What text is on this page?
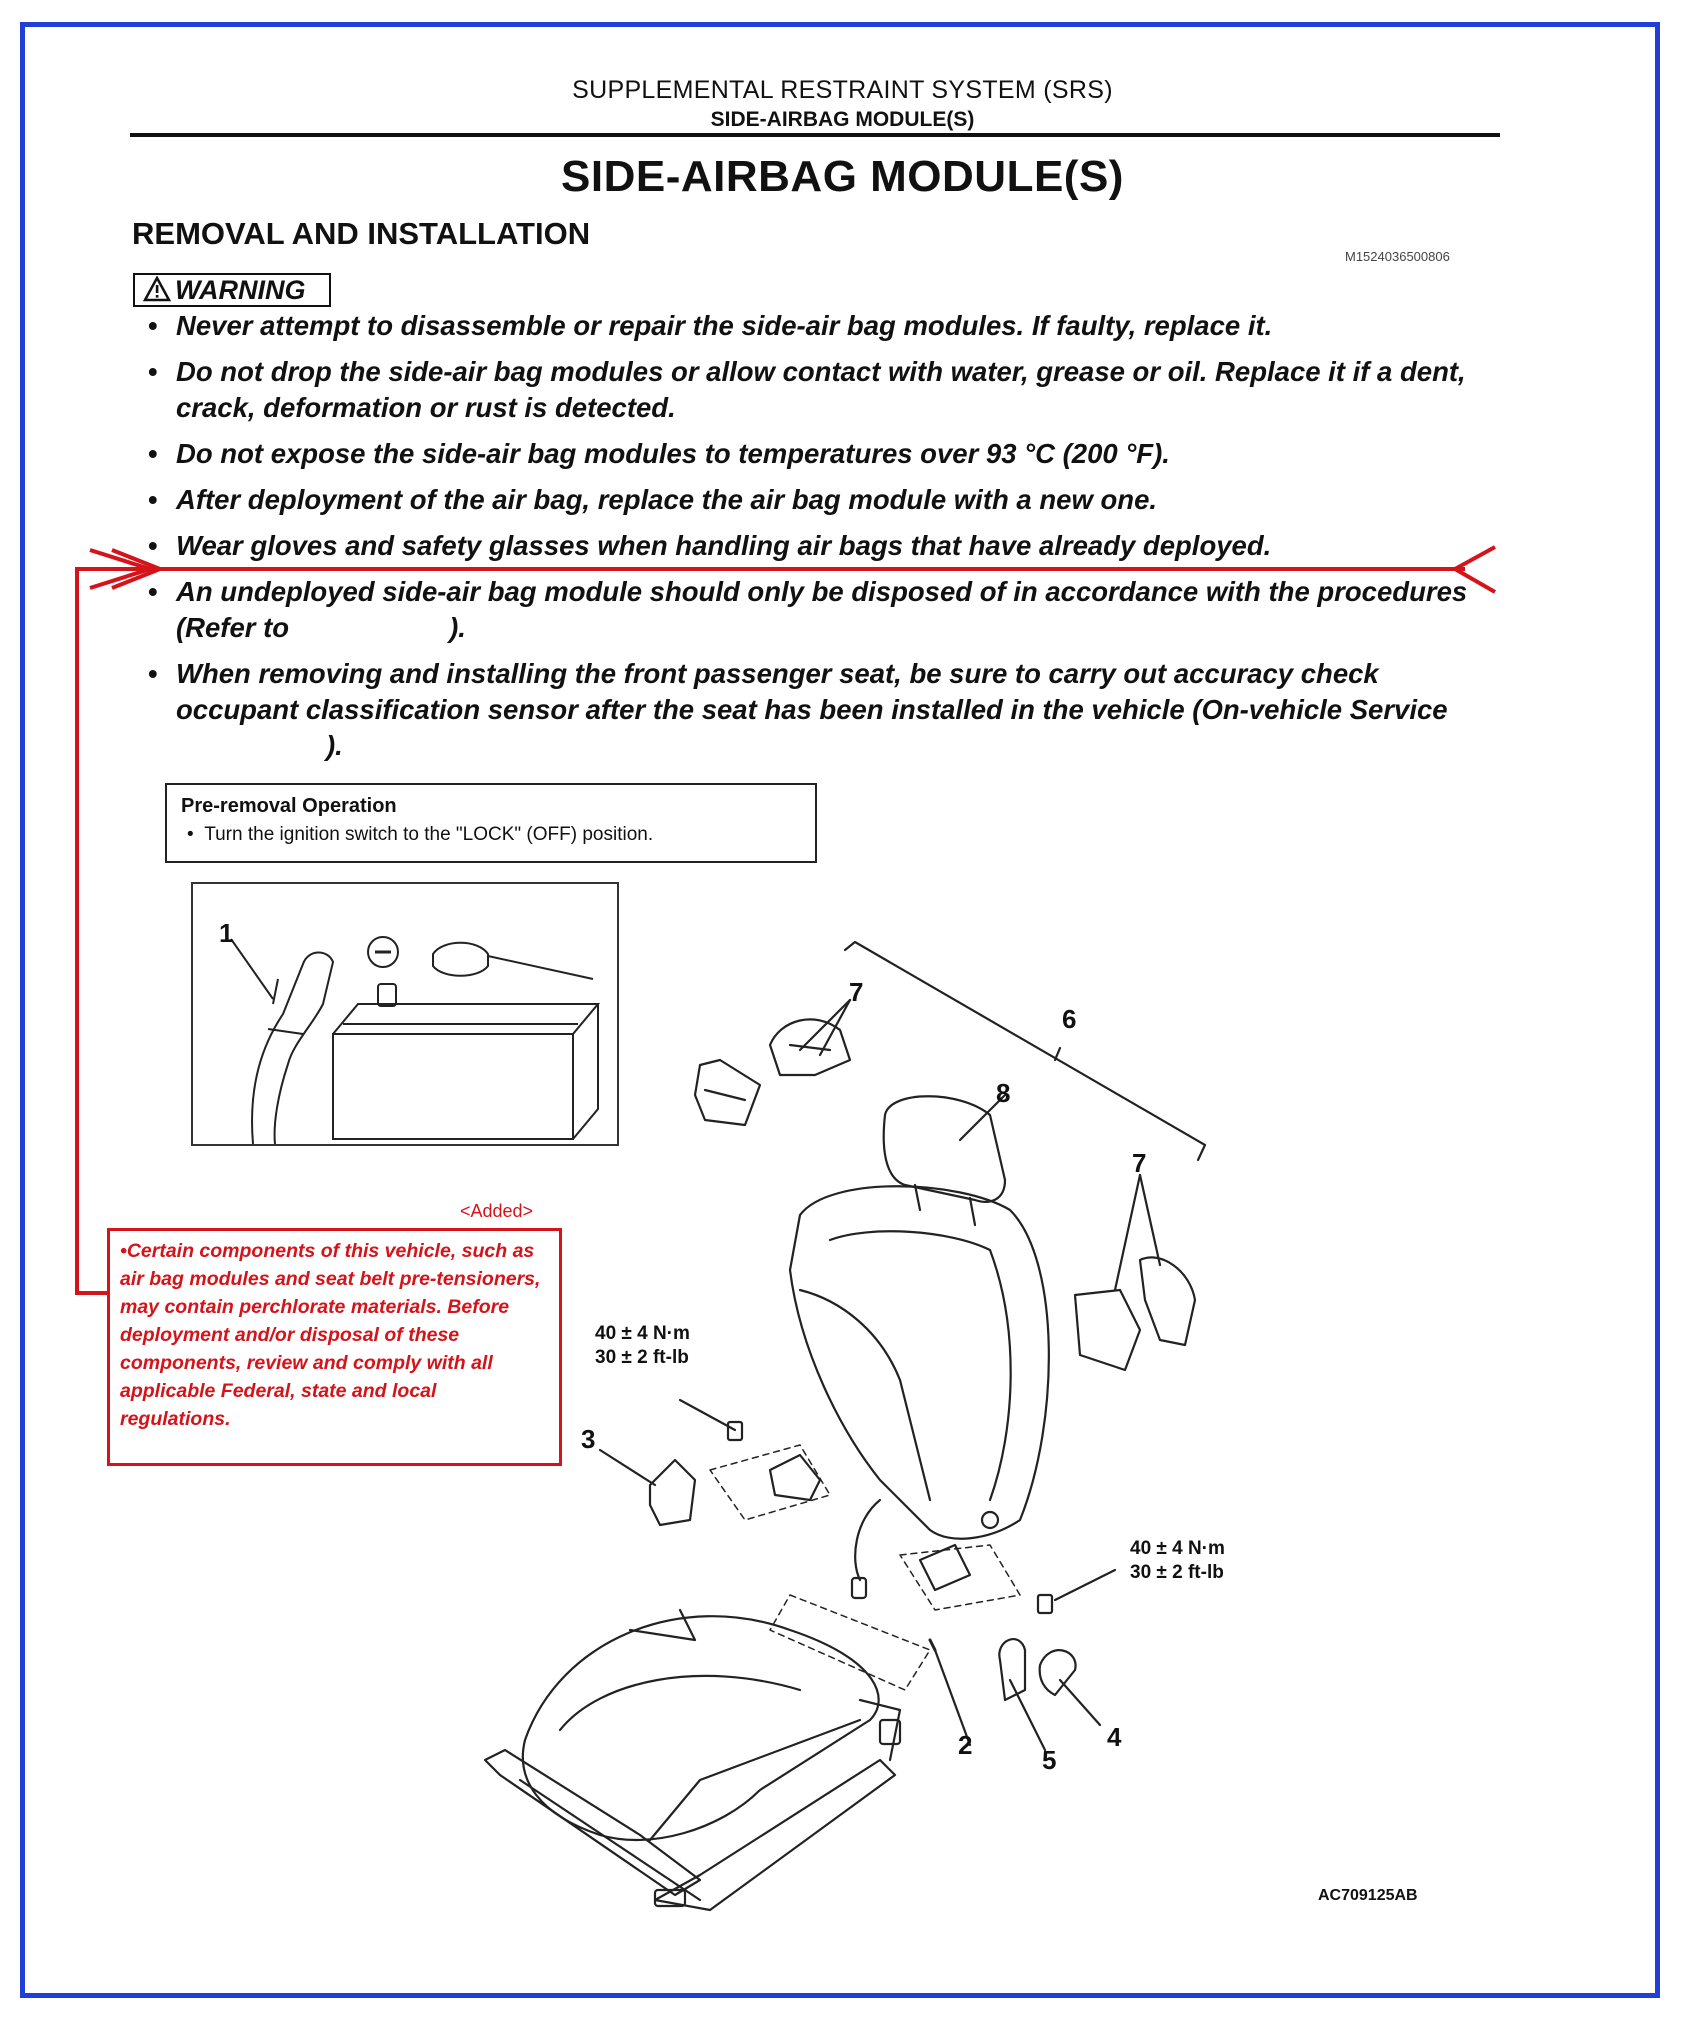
SUPPLEMENTAL RESTRAINT SYSTEM (SRS)
SIDE-AIRBAG MODULE(S)
SIDE-AIRBAG MODULE(S)
REMOVAL AND INSTALLATION
M1524036500806
WARNING
• Never attempt to disassemble or repair the side-air bag modules. If faulty, replace it.
• Do not drop the side-air bag modules or allow contact with water, grease or oil. Replace it if a dent, crack, deformation or rust is detected.
• Do not expose the side-air bag modules to temperatures over 93 °C (200 °F).
• After deployment of the air bag, replace the air bag module with a new one.
• Wear gloves and safety glasses when handling air bags that have already deployed.
• An undeployed side-air bag module should only be disposed of in accordance with the procedures (Refer to	).
• When removing and installing the front passenger seat, be sure to carry out accuracy check occupant classification sensor after the seat has been installed in the vehicle (On-vehicle Service).
Pre-removal Operation
•  Turn the ignition switch to the "LOCK" (OFF) position.
1
<Added>
•Certain components of this vehicle, such as air bag modules and seat belt pre-tensioners, may contain perchlorate materials. Before deployment and/or disposal of these components, review and comply with all applicable Federal, state and local regulations.
7
6
8
7
3
2	5
4
40 ± 4 N·m
30 ± 2 ft-lb
40 ± 4 N·m
30 ± 2 ft-lb
AC709125AB
